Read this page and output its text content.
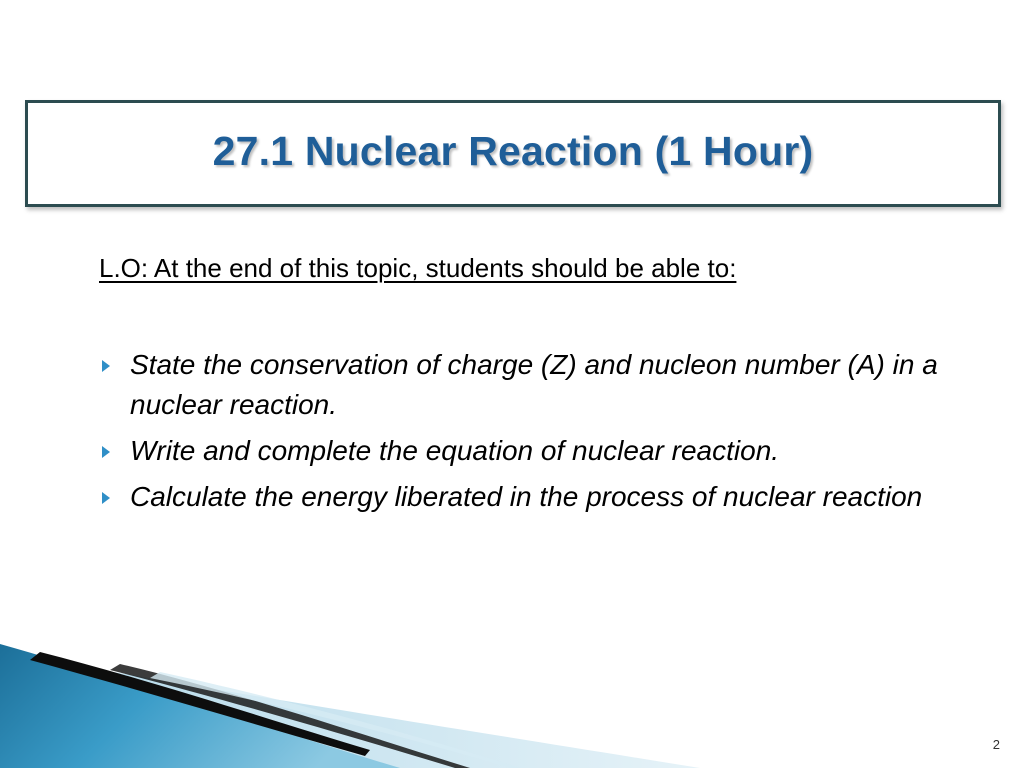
27.1 Nuclear Reaction (1 Hour)
L.O: At the end of this topic, students should be able to:
State the conservation of charge (Z) and nucleon number (A) in a nuclear reaction.
Write and complete the equation of nuclear reaction.
Calculate the energy liberated in the process of nuclear reaction
2
